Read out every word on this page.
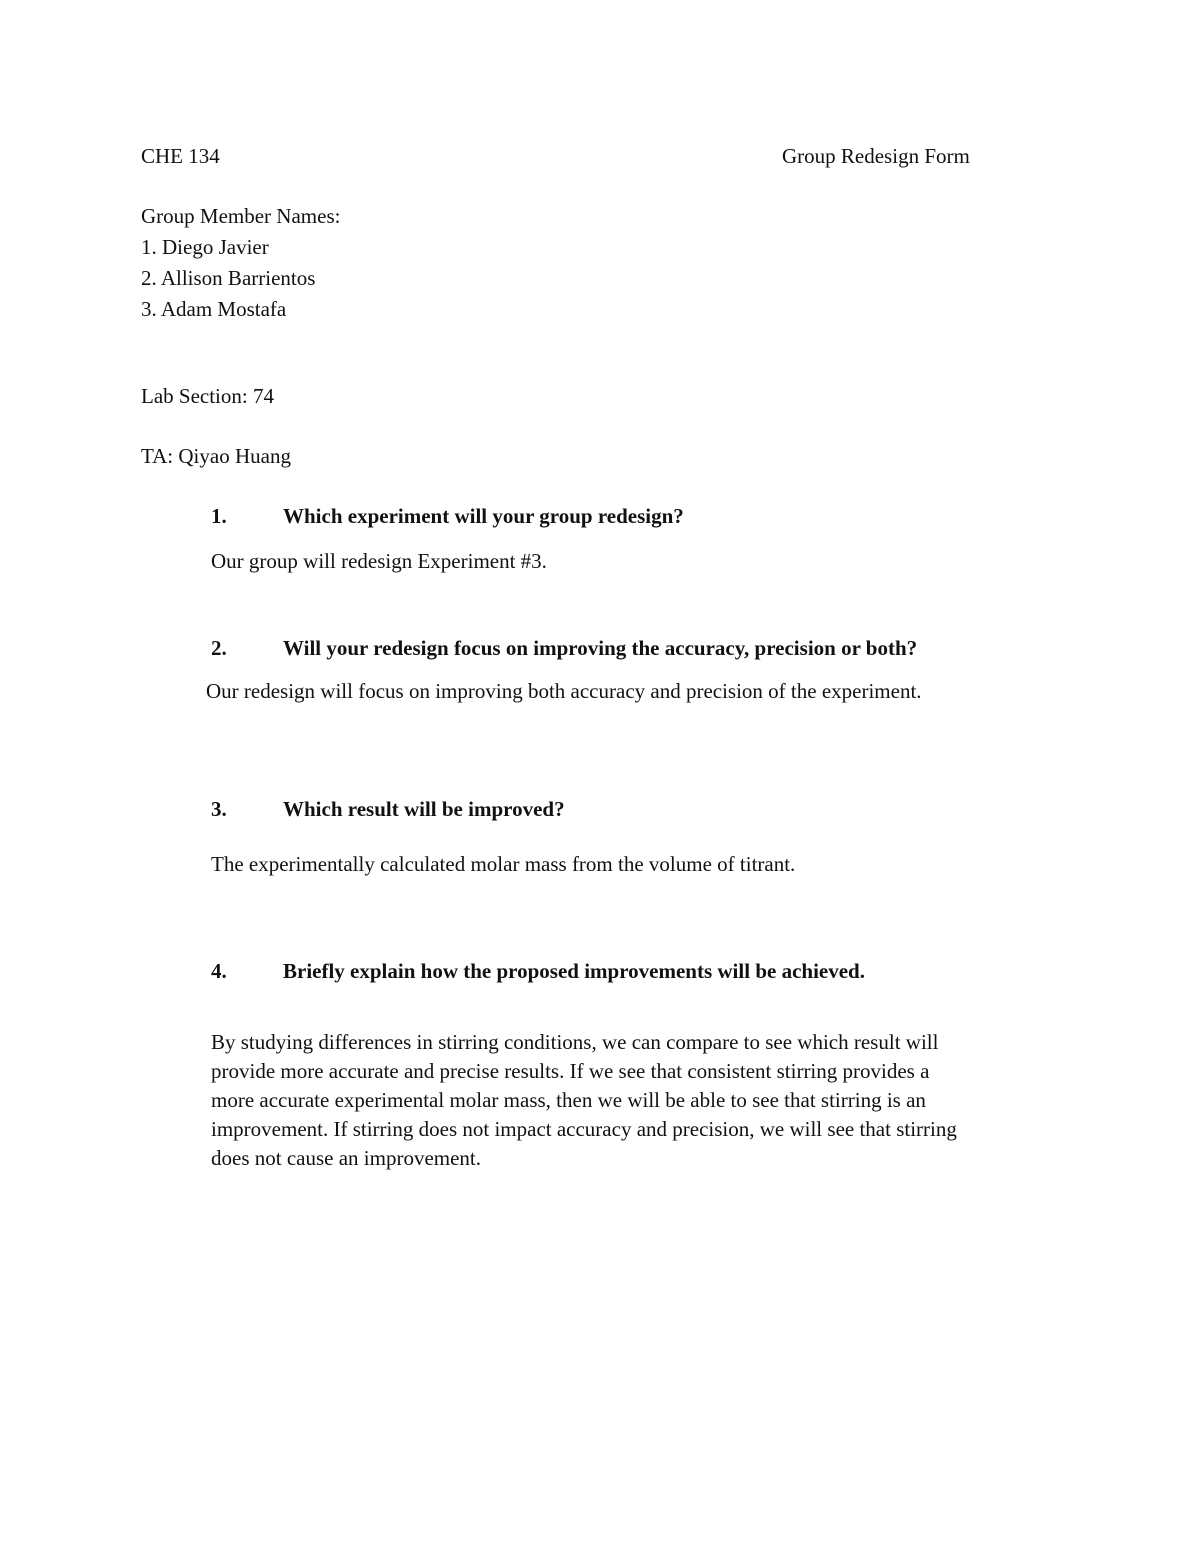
CHE 134	Group Redesign Form
Group Member Names:
1. Diego Javier
2. Allison Barrientos
3. Adam Mostafa
Lab Section: 74
TA: Qiyao Huang
1.	Which experiment will your group redesign?
Our group will redesign Experiment #3.
2.	Will your redesign focus on improving the accuracy, precision or both?
Our redesign will focus on improving both accuracy and precision of the experiment.
3.	Which result will be improved?
The experimentally calculated molar mass from the volume of titrant.
4.	Briefly explain how the proposed improvements will be achieved.
By studying differences in stirring conditions, we can compare to see which result will
provide more accurate and precise results. If we see that consistent stirring provides a
more accurate experimental molar mass, then we will be able to see that stirring is an
improvement. If stirring does not impact accuracy and precision, we will see that stirring
does not cause an improvement.
